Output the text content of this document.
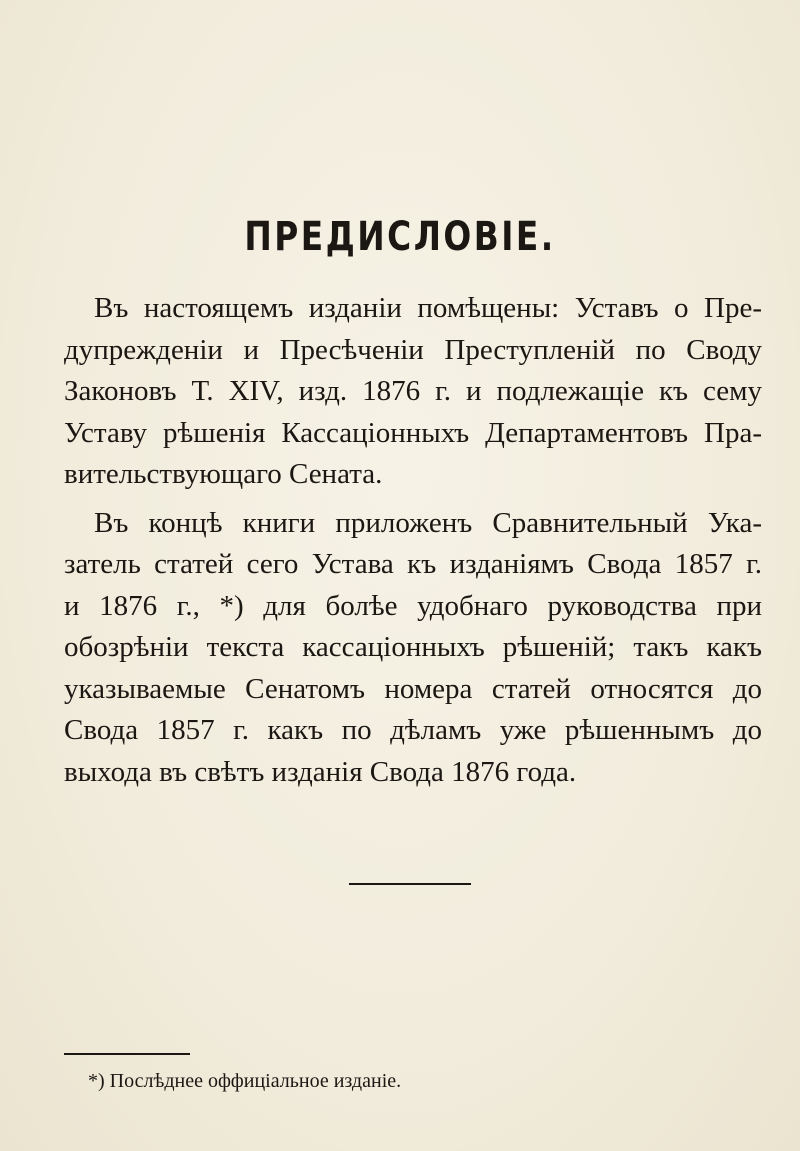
ПРЕДИСЛОВІЕ.
Въ настоящемъ изданіи помѣщены: Уставъ о Пре-
дупрежденіи и Пресѣченіи Преступленій по Своду
Законовъ Т. XIV, изд. 1876 г. и подлежащіе къ сему
Уставу рѣшенія Кассаціонныхъ Департаментовъ Пра-
вительствующаго Сената.
Въ концѣ книги приложенъ Сравнительный Ука-
затель статей сего Устава къ изданіямъ Свода 1857 г.
и 1876 г., *) для болѣе удобнаго руководства при
обозрѣніи текста кассаціонныхъ рѣшеній; такъ какъ
указываемые Сенатомъ номера статей относятся до
Свода 1857 г. какъ по дѣламъ уже рѣшеннымъ до
выхода въ свѣтъ изданія Свода 1876 года.
*) Послѣднее оффиціальное изданіе.
